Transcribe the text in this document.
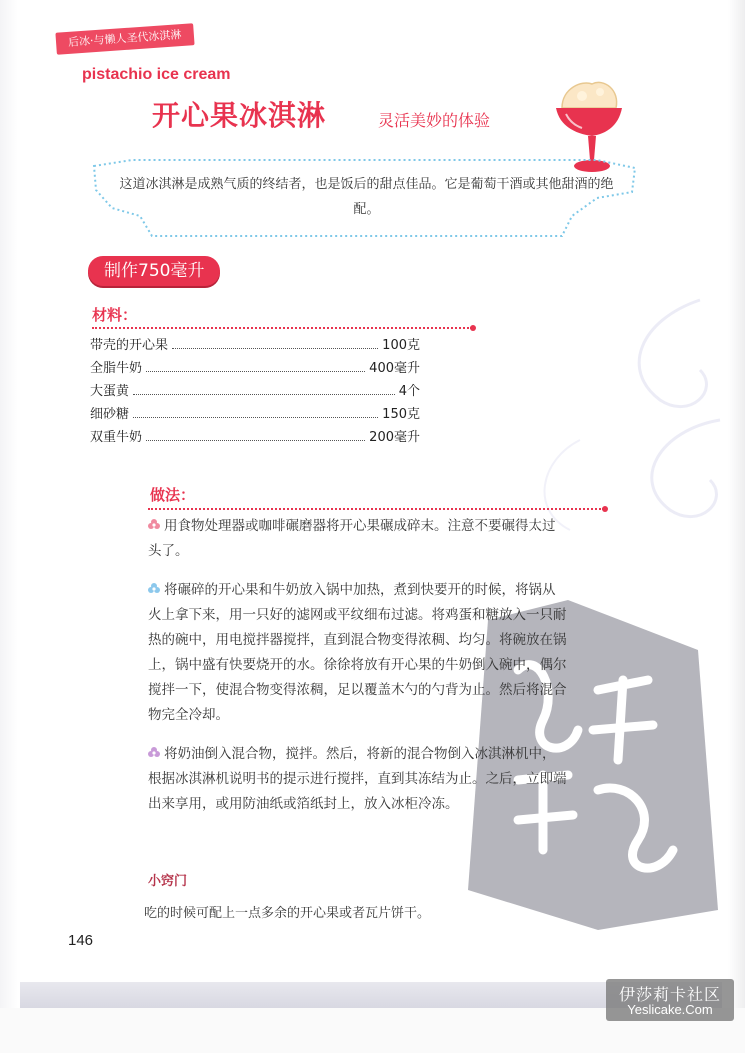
后冰·与懒人圣代冰淇淋
pistachio ice cream
开心果冰淇淋	灵活美妙的体验
这道冰淇淋是成熟气质的终结者，也是饭后的甜点佳品。它是葡萄干酒或其他甜酒的绝配。
制作750毫升
材料：
带壳的开心果	100克
全脂牛奶	400毫升
大蛋黄	4个
细砂糖	150克
双重牛奶	200毫升
做法：

用食物处理器或咖啡碾磨器将开心果碾成碎末。注意不要碾得太过头了。

将碾碎的开心果和牛奶放入锅中加热，煮到快要开的时候，将锅从火上拿下来，用一只好的滤网或平纹细布过滤。将鸡蛋和糖放入一只耐热的碗中，用电搅拌器搅拌，直到混合物变得浓稠、均匀。将碗放在锅上，锅中盛有快要烧开的水。徐徐将放有开心果的牛奶倒入碗中，偶尔搅拌一下，使混合物变得浓稠，足以覆盖木勺的勺背为止。然后将混合物完全冷却。

将奶油倒入混合物，搅拌。然后，将新的混合物倒入冰淇淋机中，根据冰淇淋机说明书的提示进行搅拌，直到其冻结为止。之后，立即端出来享用，或用防油纸或箔纸封上，放入冰柜冷冻。

小窍门
吃的时候可配上一点多余的开心果或者瓦片饼干。
146
伊莎莉卡社区
Yeslicake.Com
